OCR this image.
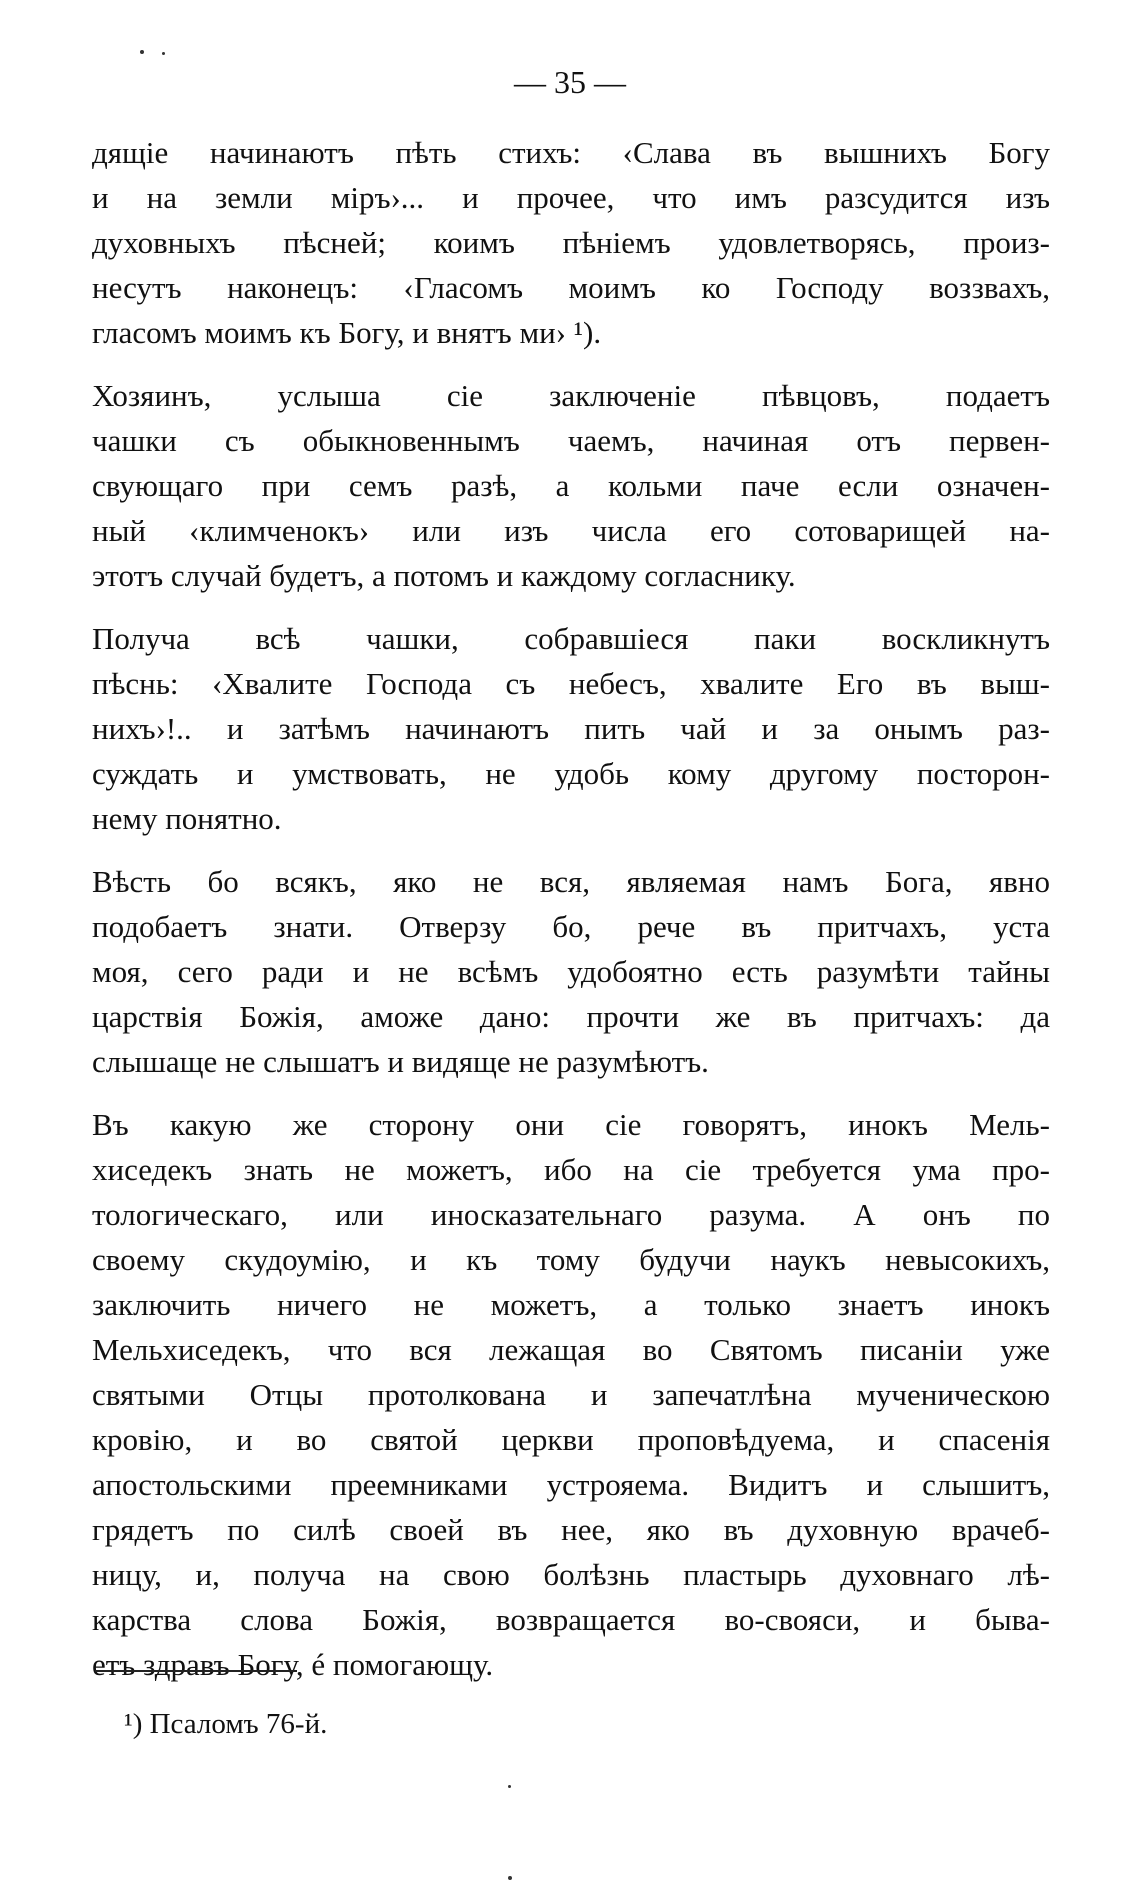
— 35 —
дящіе начинаютъ пѣть стихъ: ‹Слава въ вышнихъ Богу
и на земли міръ›... и прочее, что имъ разсудится изъ
духовныхъ пѣсней; коимъ пѣніемъ удовлетворясь, произ-
несутъ наконецъ: ‹Гласомъ моимъ ко Господу воззвахъ,
гласомъ моимъ къ Богу, и внятъ ми› ¹).
Хозяинъ, услыша сіе заключеніе пѣвцовъ, подаетъ
чашки съ обыкновеннымъ чаемъ, начиная отъ первен-
свующаго при семъ разѣ, а кольми паче если означен-
ный ‹климченокъ› или изъ числа его сотоварищей на-
этотъ случай будетъ, а потомъ и каждому согласнику.
Получа всѣ чашки, собравшіеся паки воскликнутъ
пѣснь: ‹Хвалите Господа съ небесъ, хвалите Его въ выш-
нихъ›!.. и затѣмъ начинаютъ пить чай и за онымъ раз-
суждать и умствовать, не удобь кому другому посторон-
нему понятно.
Вѣсть бо всякъ, яко не вся, являемая намъ Бога, явно
подобаетъ знати. Отверзу бо, рече въ притчахъ, уста
моя, сего ради и не всѣмъ удобоятно есть разумѣти тайны
царствія Божія, аможе дано: прочти же въ притчахъ: да
слышаще не слышатъ и видяще не разумѣютъ.
Въ какую же сторону они сіе говорятъ, инокъ Мель-
хиседекъ знать не можетъ, ибо на сіе требуется ума про-
тологическаго, или иносказательнаго разума. А онъ по
своему скудоумію, и къ тому будучи наукъ невысокихъ,
заключить ничего не можетъ, а только знаетъ инокъ
Мельхиседекъ, что вся лежащая во Святомъ писаніи уже
святыми Отцы протолкована и запечатлѣна мученическою
кровію, и во святой церкви проповѣдуема, и спасенія
апостольскими преемниками устрояема. Видитъ и слышитъ,
грядетъ по силѣ своей въ нее, яко въ духовную врачеб-
ницу, и, получа на свою болѣзнь пластырь духовнаго лѣ-
карства слова Божія, возвращается во-свояси, и быва-
етъ здравъ Богу, é помогающу.
¹) Псаломъ 76-й.
